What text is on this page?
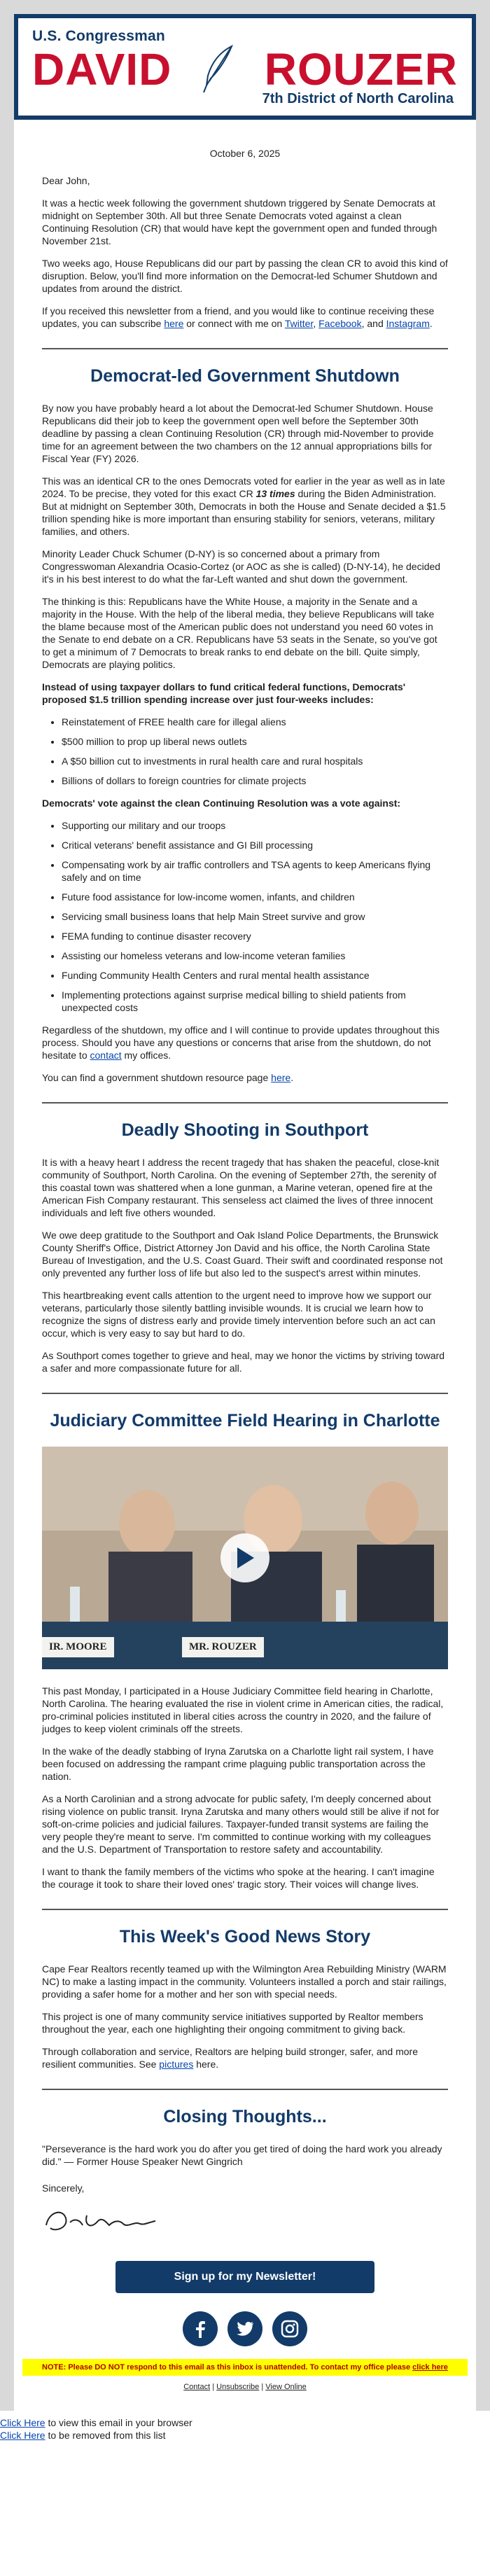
U.S. Congressman
DAVID ROUZER
7th District of North Carolina
October 6, 2025

Dear John,

It was a hectic week following the government shutdown triggered by Senate Democrats at midnight on September 30th. All but three Senate Democrats voted against a clean Continuing Resolution (CR) that would have kept the government open and funded through November 21st.

Two weeks ago, House Republicans did our part by passing the clean CR to avoid this kind of disruption. Below, you'll find more information on the Democrat-led Schumer Shutdown and updates from around the district.

If you received this newsletter from a friend, and you would like to continue receiving these updates, you can subscribe here or connect with me on Twitter, Facebook, and Instagram.

Democrat-led Government Shutdown

By now you have probably heard a lot about the Democrat-led Schumer Shutdown. House Republicans did their job to keep the government open well before the September 30th deadline by passing a clean Continuing Resolution (CR) through mid-November to provide time for an agreement between the two chambers on the 12 annual appropriations bills for Fiscal Year (FY) 2026.

This was an identical CR to the ones Democrats voted for earlier in the year as well as in late 2024. To be precise, they voted for this exact CR 13 times during the Biden Administration. But at midnight on September 30th, Democrats in both the House and Senate decided a $1.5 trillion spending hike is more important than ensuring stability for seniors, veterans, military families, and others.

Minority Leader Chuck Schumer (D-NY) is so concerned about a primary from Congresswoman Alexandria Ocasio-Cortez (or AOC as she is called) (D-NY-14), he decided it's in his best interest to do what the far-Left wanted and shut down the government.

The thinking is this: Republicans have the White House, a majority in the Senate and a majority in the House. With the help of the liberal media, they believe Republicans will take the blame because most of the American public does not understand you need 60 votes in the Senate to end debate on a CR. Republicans have 53 seats in the Senate, so you've got to get a minimum of 7 Democrats to break ranks to end debate on the bill. Quite simply, Democrats are playing politics.

Instead of using taxpayer dollars to fund critical federal functions, Democrats' proposed $1.5 trillion spending increase over just four-weeks includes:

• Reinstatement of FREE health care for illegal aliens
• $500 million to prop up liberal news outlets
• A $50 billion cut to investments in rural health care and rural hospitals
• Billions of dollars to foreign countries for climate projects

Democrats' vote against the clean Continuing Resolution was a vote against:

• Supporting our military and our troops
• Critical veterans' benefit assistance and GI Bill processing
• Compensating work by air traffic controllers and TSA agents to keep Americans flying safely and on time
• Future food assistance for low-income women, infants, and children
• Servicing small business loans that help Main Street survive and grow
• FEMA funding to continue disaster recovery
• Assisting our homeless veterans and low-income veteran families
• Funding Community Health Centers and rural mental health assistance
• Implementing protections against surprise medical billing to shield patients from unexpected costs

Regardless of the shutdown, my office and I will continue to provide updates throughout this process. Should you have any questions or concerns that arise from the shutdown, do not hesitate to contact my offices.

You can find a government shutdown resource page here.

Deadly Shooting in Southport

It is with a heavy heart I address the recent tragedy that has shaken the peaceful, close-knit community of Southport, North Carolina. On the evening of September 27th, the serenity of this coastal town was shattered when a lone gunman, a Marine veteran, opened fire at the American Fish Company restaurant. This senseless act claimed the lives of three innocent individuals and left five others wounded.

We owe deep gratitude to the Southport and Oak Island Police Departments, the Brunswick County Sheriff's Office, District Attorney Jon David and his office, the North Carolina State Bureau of Investigation, and the U.S. Coast Guard. Their swift and coordinated response not only prevented any further loss of life but also led to the suspect's arrest within minutes.

This heartbreaking event calls attention to the urgent need to improve how we support our veterans, particularly those silently battling invisible wounds. It is crucial we learn how to recognize the signs of distress early and provide timely intervention before such an act can occur, which is very easy to say but hard to do.

As Southport comes together to grieve and heal, may we honor the victims by striving toward a safer and more compassionate future for all.

Judiciary Committee Field Hearing in Charlotte
IR. MOORE	MR. ROUZER

This past Monday, I participated in a House Judiciary Committee field hearing in Charlotte, North Carolina. The hearing evaluated the rise in violent crime in American cities, the radical, pro-criminal policies instituted in liberal cities across the country in 2020, and the failure of judges to keep violent criminals off the streets.

In the wake of the deadly stabbing of Iryna Zarutska on a Charlotte light rail system, I have been focused on addressing the rampant crime plaguing public transportation across the nation.

As a North Carolinian and a strong advocate for public safety, I'm deeply concerned about rising violence on public transit. Iryna Zarutska and many others would still be alive if not for soft-on-crime policies and judicial failures. Taxpayer-funded transit systems are failing the very people they're meant to serve. I'm committed to continue working with my colleagues and the U.S. Department of Transportation to restore safety and accountability.

I want to thank the family members of the victims who spoke at the hearing. I can't imagine the courage it took to share their loved ones' tragic story. Their voices will change lives.

This Week's Good News Story

Cape Fear Realtors recently teamed up with the Wilmington Area Rebuilding Ministry (WARM NC) to make a lasting impact in the community. Volunteers installed a porch and stair railings, providing a safer home for a mother and her son with special needs.

This project is one of many community service initiatives supported by Realtor members throughout the year, each one highlighting their ongoing commitment to giving back.

Through collaboration and service, Realtors are helping build stronger, safer, and more resilient communities. See pictures here.

Closing Thoughts...
"Perseverance is the hard work you do after you get tired of doing the hard work you already did." — Former House Speaker Newt Gingrich

Sincerely,

Sign up for my Newsletter!
NOTE: Please DO NOT respond to this email as this inbox is unattended. To contact my office please click here
Contact | Unsubscribe | View Online
Click Here to view this email in your browser
Click Here to be removed from this list
